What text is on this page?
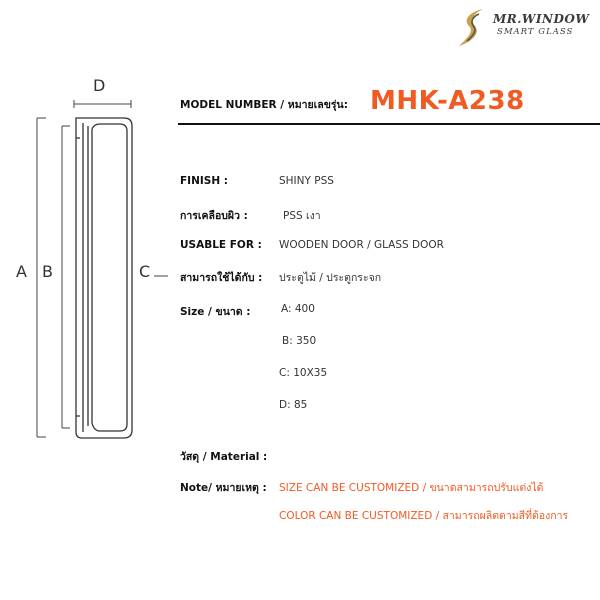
MR.WINDOW
SMART GLASS
A B	C
D
MODEL NUMBER / หมายเลขรุ่น: MHK-A238
FINISH :	SHINY PSS
การเคลือบผิว :	PSS เงา
USABLE FOR : WOODEN DOOR / GLASS DOOR
สามารถใช้ได้กับ : ประตูไม้ / ประตูกระจก
Size / ขนาด :	A: 400
B: 350
C: 10X35
D: 85
วัสดุ / Material :
Note/ หมายเหตุ : SIZE CAN BE CUSTOMIZED / ขนาดสามารถปรับแต่งได้
COLOR CAN BE CUSTOMIZED / สามารถผลิตตามสีที่ต้องการ
